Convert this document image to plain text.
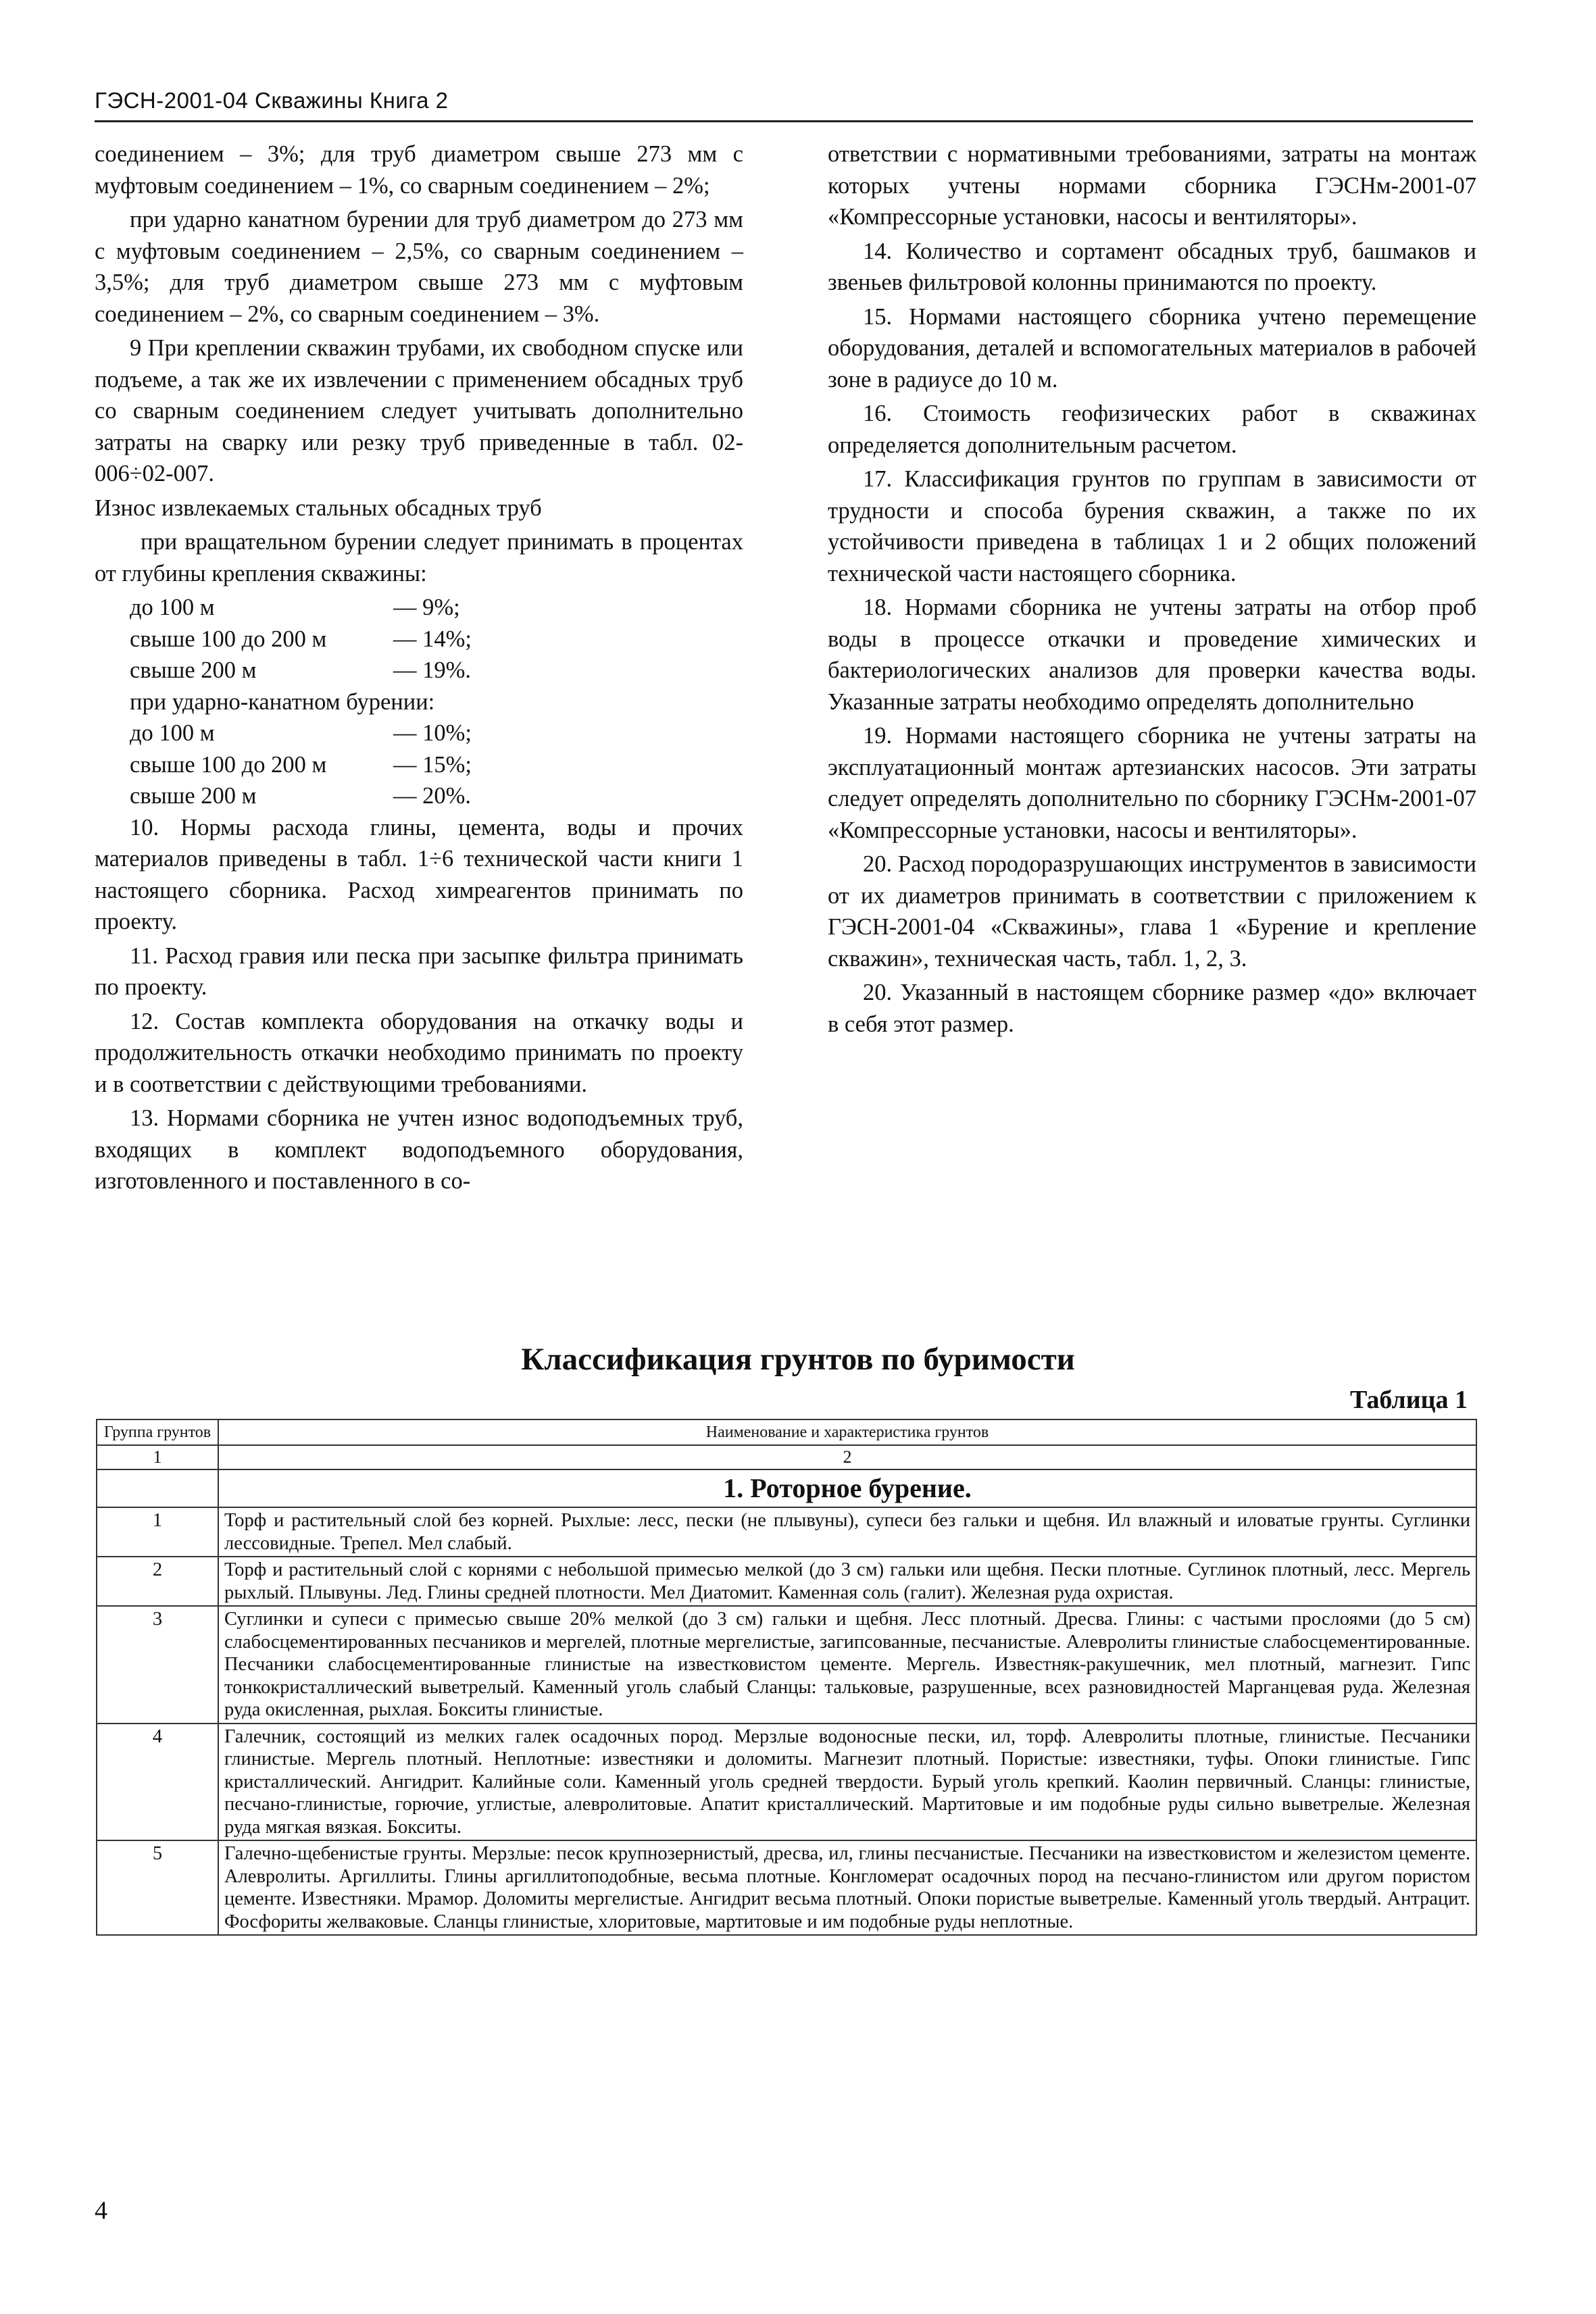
ГЭСН-2001-04 Скважины Книга 2

соединением – 3%; для труб диаметром свыше 273 мм с муфтовым соединением – 1%, со сварным соединением – 2%;

при ударно канатном бурении для труб диаметром до 273 мм с муфтовым соединением – 2,5%, со сварным соединением – 3,5%; для труб диаметром свыше 273 мм с муфтовым соединением – 2%, со сварным соединением – 3%.

9 При креплении скважин трубами, их свободном спуске или подъеме, а так же их извлечении с применением обсадных труб со сварным соединением следует учитывать дополнительно затраты на сварку или резку труб приведенные в табл. 02-006÷02-007.

Износ извлекаемых стальных обсадных труб

при вращательном бурении следует принимать в процентах от глубины крепления скважины:

до 100 м	— 9%;
свыше 100 до 200 м	— 14%;
свыше 200 м	— 19%.
при ударно-канатном бурении:
до 100 м	— 10%;
свыше 100 до 200 м	— 15%;
свыше 200 м	— 20%.

10. Нормы расхода глины, цемента, воды и прочих материалов приведены в табл. 1÷6 технической части книги 1 настоящего сборника. Расход химреагентов принимать по проекту.

11. Расход гравия или песка при засыпке фильтра принимать по проекту.

12. Состав комплекта оборудования на откачку воды и продолжительность откачки необходимо принимать по проекту и в соответствии с действующими требованиями.

13. Нормами сборника не учтен износ водоподъемных труб, входящих в комплект водоподъемного оборудования, изготовленного и поставленного в со-

ответствии с нормативными требованиями, затраты на монтаж которых учтены нормами сборника ГЭСНм-2001-07 «Компрессорные установки, насосы и вентиляторы».

14. Количество и сортамент обсадных труб, башмаков и звеньев фильтровой колонны принимаются по проекту.

15. Нормами настоящего сборника учтено перемещение оборудования, деталей и вспомогательных материалов в рабочей зоне в радиусе до 10 м.

16. Стоимость геофизических работ в скважинах определяется дополнительным расчетом.

17. Классификация грунтов по группам в зависимости от трудности и способа бурения скважин, а также по их устойчивости приведена в таблицах 1 и 2 общих положений технической части настоящего сборника.

18. Нормами сборника не учтены затраты на отбор проб воды в процессе откачки и проведение химических и бактериологических анализов для проверки качества воды. Указанные затраты необходимо определять дополнительно

19. Нормами настоящего сборника не учтены затраты на эксплуатационный монтаж артезианских насосов. Эти затраты следует определять дополнительно по сборнику ГЭСНм-2001-07 «Компрессорные установки, насосы и вентиляторы».

20. Расход породоразрушающих инструментов в зависимости от их диаметров принимать в соответствии с приложением к ГЭСН-2001-04 «Скважины», глава 1 «Бурение и крепление скважин», техническая часть, табл. 1, 2, 3.

20. Указанный в настоящем сборнике размер «до» включает в себя этот размер.

Классификация грунтов по буримости
Таблица 1
Группа грунтов	Наименование и характеристика грунтов
1	2
	1. Роторное бурение.
1	Торф и растительный слой без корней. Рыхлые: лесс, пески (не плывуны), супеси без гальки и щебня. Ил влажный и иловатые грунты. Суглинки лессовидные. Трепел. Мел слабый.
2	Торф и растительный слой с корнями с небольшой примесью мелкой (до 3 см) гальки или щебня. Пески плотные. Суглинок плотный, лесс. Мергель рыхлый. Плывуны. Лед. Глины средней плотности. Мел Диатомит. Каменная соль (галит). Железная руда охристая.
3	Суглинки и супеси с примесью свыше 20% мелкой (до 3 см) гальки и щебня. Лесс плотный. Дресва. Глины: с частыми прослоями (до 5 см) слабосцементированных песчаников и мергелей, плотные мергелистые, загипсованные, песчанистые. Алевролиты глинистые слабосцементированные. Песчаники слабосцементированные глинистые на известковистом цементе. Мергель. Известняк-ракушечник, мел плотный, магнезит. Гипс тонкокристаллический выветрелый. Каменный уголь слабый Сланцы: тальковые, разрушенные, всех разновидностей Марганцевая руда. Железная руда окисленная, рыхлая. Бокситы глинистые.
4	Галечник, состоящий из мелких галек осадочных пород. Мерзлые водоносные пески, ил, торф. Алевролиты плотные, глинистые. Песчаники глинистые. Мергель плотный. Неплотные: известняки и доломиты. Магнезит плотный. Пористые: известняки, туфы. Опоки глинистые. Гипс кристаллический. Ангидрит. Калийные соли. Каменный уголь средней твердости. Бурый уголь крепкий. Каолин первичный. Сланцы: глинистые, песчано-глинистые, горючие, углистые, алевролитовые. Апатит кристаллический. Мартитовые и им подобные руды сильно выветрелые. Железная руда мягкая вязкая. Бокситы.
5	Галечно-щебенистые грунты. Мерзлые: песок крупнозернистый, дресва, ил, глины песчанистые. Песчаники на известковистом и железистом цементе. Алевролиты. Аргиллиты. Глины аргиллитоподобные, весьма плотные. Конгломерат осадочных пород на песчано-глинистом или другом пористом цементе. Известняки. Мрамор. Доломиты мергелистые. Ангидрит весьма плотный. Опоки пористые выветрелые. Каменный уголь твердый. Антрацит. Фосфориты желваковые. Сланцы глинистые, хлоритовые, мартитовые и им подобные руды неплотные.
4
